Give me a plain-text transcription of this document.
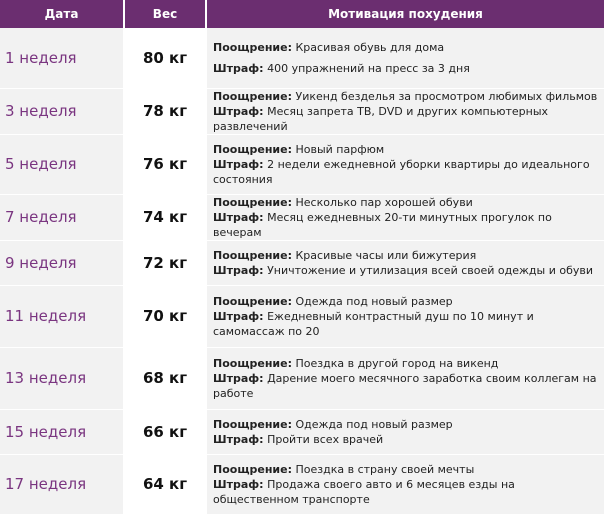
Дата	Вес	Мотивация похудения
1 неделя	80 кг	Поощрение: Красивая обувь для дома
Штраф: 400 упражнений на пресс за 3 дня

3 неделя	78 кг	Поощрение: Уикенд безделья за просмотром любимых фильмов
Штраф: Месяц запрета ТВ, DVD и других компьютерных развлечений

5 неделя	76 кг	Поощрение: Новый парфюм
Штраф: 2 недели ежедневной уборки квартиры до идеального состояния

7 неделя	74 кг	Поощрение: Несколько пар хорошей обуви
Штраф: Месяц ежедневных 20-ти минутных прогулок по вечерам

9 неделя	72 кг	Поощрение: Красивые часы или бижутерия
Штраф: Уничтожение и утилизация всей своей одежды и обуви

11 неделя	70 кг	Поощрение: Одежда под новый размер
Штраф: Ежедневный контрастный душ по 10 минут и самомассаж по 20

13 неделя	68 кг	Поощрение: Поездка в другой город на викенд
Штраф: Дарение моего месячного заработка своим коллегам на работе

15 неделя	66 кг	Поощрение: Одежда под новый размер
Штраф: Пройти всех врачей

17 неделя	64 кг	Поощрение: Поездка в страну своей мечты
Штраф: Продажа своего авто и 6 месяцев езды на общественном транспорте
